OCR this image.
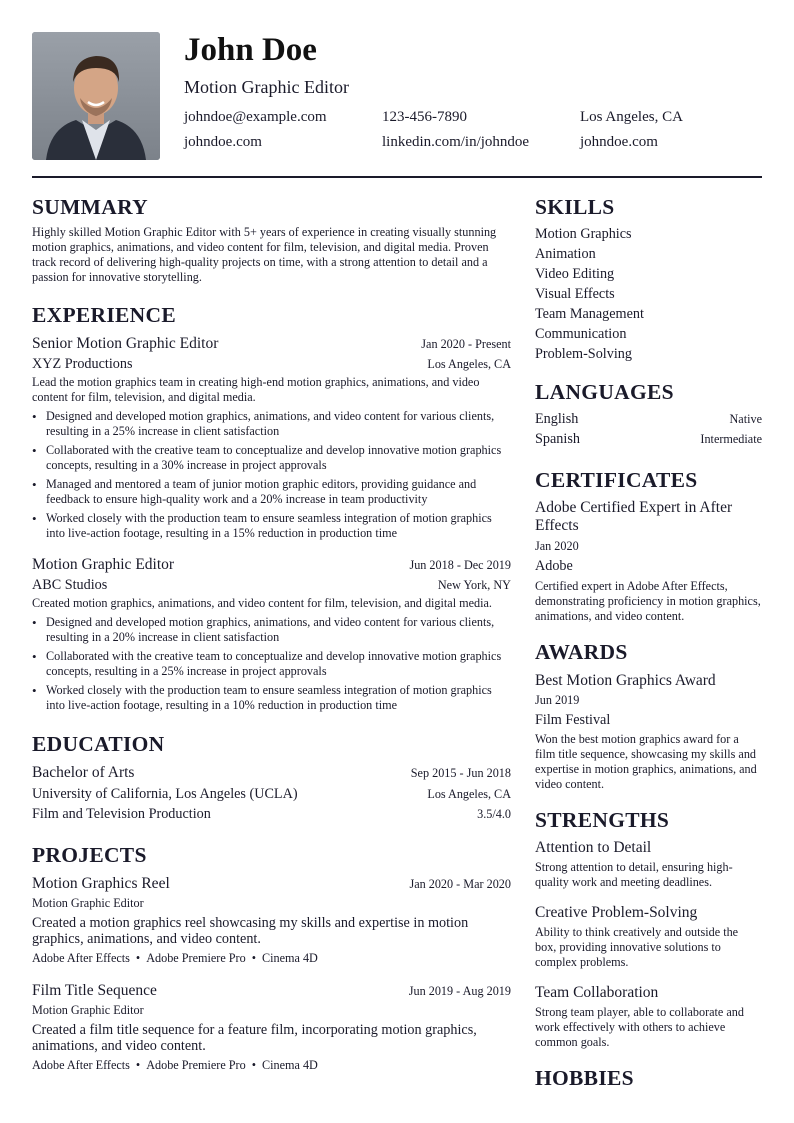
John Doe
Motion Graphic Editor
johndoe@example.com	123-456-7890	Los Angeles, CA
johndoe.com	linkedin.com/in/johndoe	johndoe.com
SUMMARY

Highly skilled Motion Graphic Editor with 5+ years of experience in creating visually stunning motion graphics, animations, and video content for film, television, and digital media. Proven track record of delivering high-quality projects on time, with a strong attention to detail and a passion for innovative storytelling.

EXPERIENCE
Senior Motion Graphic Editor	Jan 2020 - Present
XYZ Productions	Los Angeles, CA

Lead the motion graphics team in creating high-end motion graphics, animations, and video content for film, television, and digital media.

• Designed and developed motion graphics, animations, and video content for various clients, resulting in a 25% increase in client satisfaction
• Collaborated with the creative team to conceptualize and develop innovative motion graphics concepts, resulting in a 30% increase in project approvals
• Managed and mentored a team of junior motion graphic editors, providing guidance and feedback to ensure high-quality work and a 20% increase in team productivity
• Worked closely with the production team to ensure seamless integration of motion graphics into live-action footage, resulting in a 15% reduction in production time
Motion Graphic Editor	Jun 2018 - Dec 2019
ABC Studios	New York, NY

Created motion graphics, animations, and video content for film, television, and digital media.

• Designed and developed motion graphics, animations, and video content for various clients, resulting in a 20% increase in client satisfaction
• Collaborated with the creative team to conceptualize and develop innovative motion graphics concepts, resulting in a 25% increase in project approvals
• Worked closely with the production team to ensure seamless integration of motion graphics into live-action footage, resulting in a 10% reduction in production time
EDUCATION
Bachelor of Arts	Sep 2015 - Jun 2018
University of California, Los Angeles (UCLA)	Los Angeles, CA
Film and Television Production	3.5/4.0
PROJECTS
Motion Graphics Reel	Jan 2020 - Mar 2020
Motion Graphic Editor

Created a motion graphics reel showcasing my skills and expertise in motion graphics, animations, and video content.

Adobe After Effects • Adobe Premiere Pro • Cinema 4D
Film Title Sequence	Jun 2019 - Aug 2019
Motion Graphic Editor

Created a film title sequence for a feature film, incorporating motion graphics, animations, and video content.

Adobe After Effects • Adobe Premiere Pro • Cinema 4D
SKILLS
Motion Graphics
Animation
Video Editing
Visual Effects
Team Management
Communication
Problem-Solving
LANGUAGES
English	Native
Spanish	Intermediate
CERTIFICATES
Adobe Certified Expert in After Effects
Jan 2020
Adobe

Certified expert in Adobe After Effects, demonstrating proficiency in motion graphics, animations, and video content.

AWARDS
Best Motion Graphics Award
Jun 2019
Film Festival

Won the best motion graphics award for a film title sequence, showcasing my skills and expertise in motion graphics, animations, and video content.

STRENGTHS
Attention to Detail

Strong attention to detail, ensuring high-quality work and meeting deadlines.

Creative Problem-Solving

Ability to think creatively and outside the box, providing innovative solutions to complex problems.

Team Collaboration

Strong team player, able to collaborate and work effectively with others to achieve common goals.

HOBBIES
